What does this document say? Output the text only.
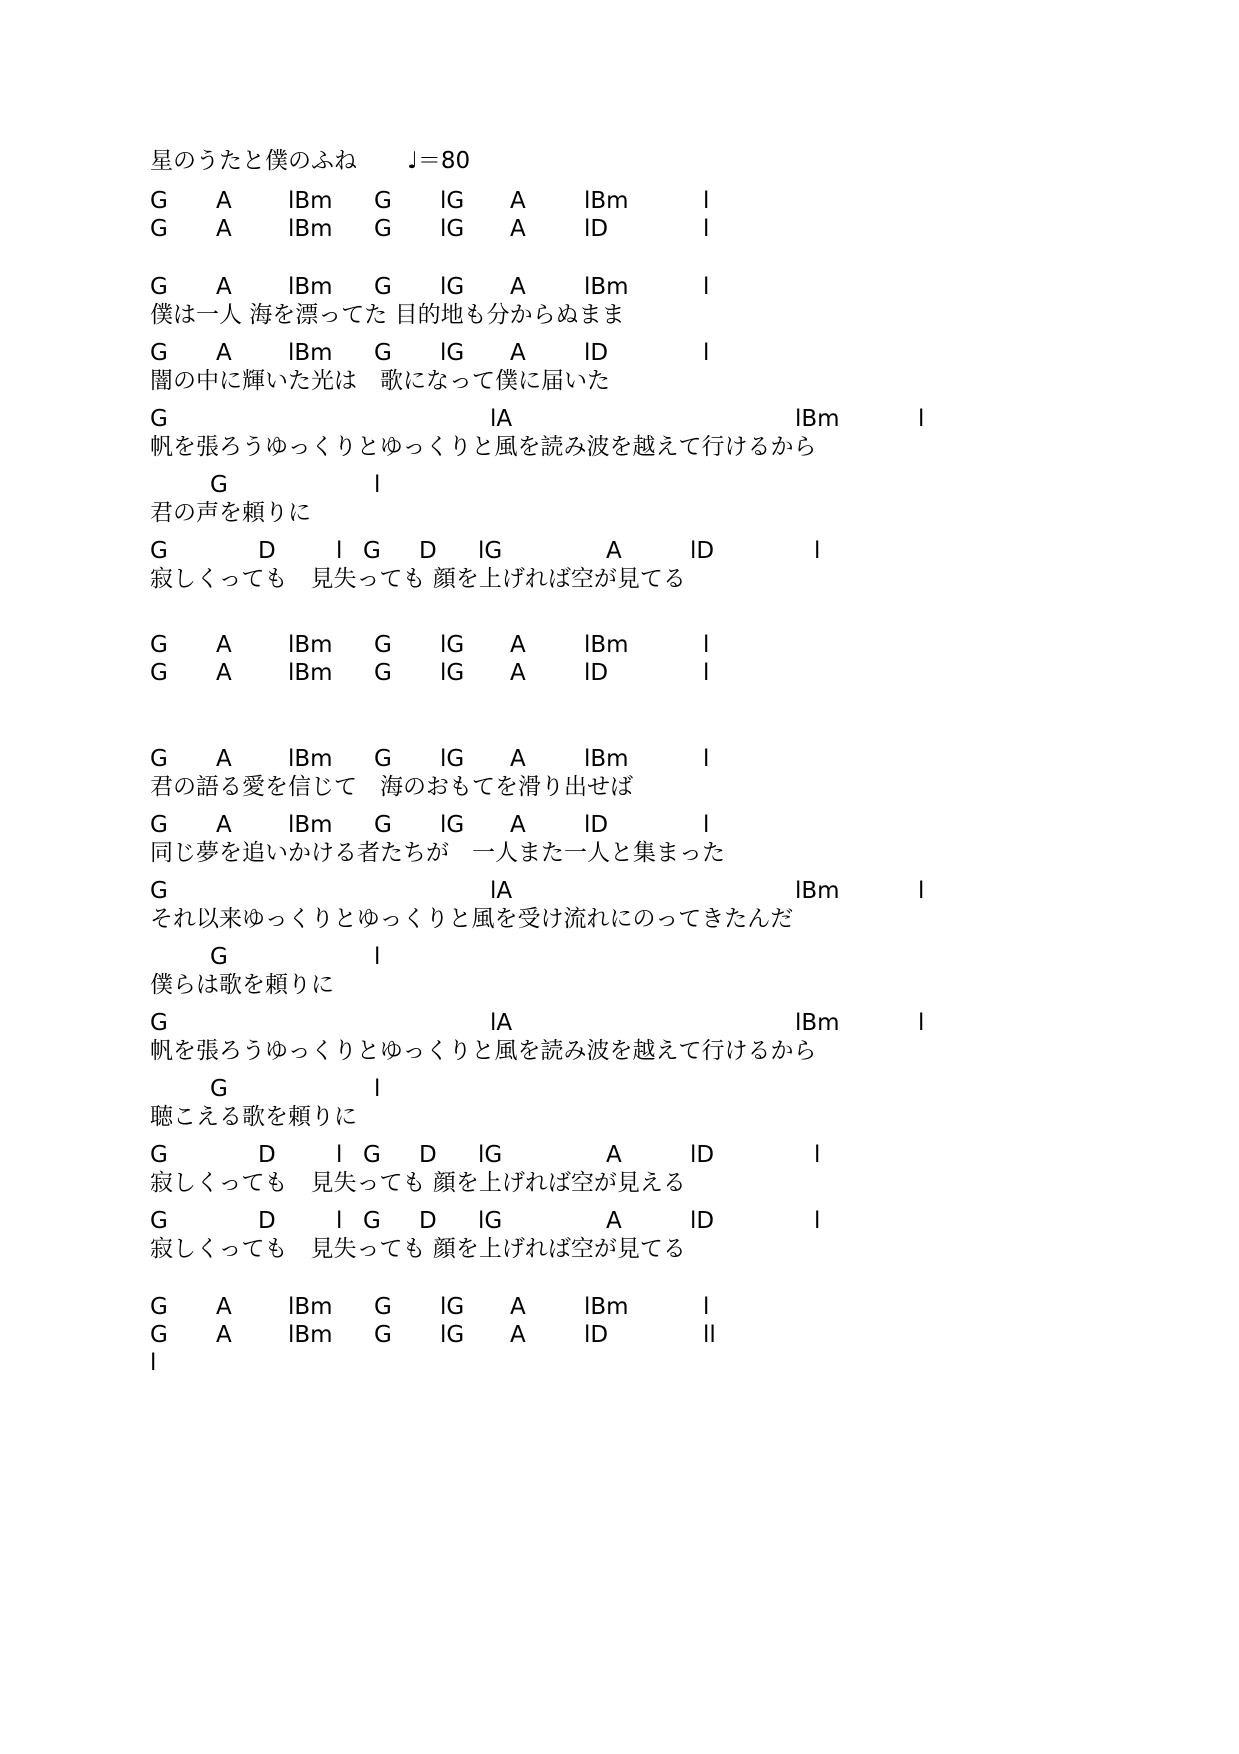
星のうたと僕のふね ♩＝80
G A lBm G lG A	lBm	l
G A lBm G lG A	lD	l
G A lBm G lG A	lBm	l
僕は一人 海を漂ってた 目的地も分からぬまま
G A lBm G lG A	lD	l
闇の中に輝いた光は　歌になって僕に届いた
G	lA	lBm	l
帆を張ろうゆっくりとゆっくりと風を読み波を越えて行けるから
G	l
君の声を頼りに
G	D	l G D lG	A	lD	l
寂しくっても　見失っても 顔を上げれば空が見てる
G A lBm G lG A	lBm	l
G A lBm G lG A	lD	l
G A lBm G lG A	lBm	l
君の語る愛を信じて　海のおもてを滑り出せば
G A lBm G lG A	lD	l
同じ夢を追いかける者たちが　一人また一人と集まった
G	lA	lBm	l
それ以来ゆっくりとゆっくりと風を受け流れにのってきたんだ
G	l
僕らは歌を頼りに
G	lA	lBm	l
帆を張ろうゆっくりとゆっくりと風を読み波を越えて行けるから
G	l
聴こえる歌を頼りに
G	D	l G D lG	A	lD	l
寂しくっても　見失っても 顔を上げれば空が見える
G	D	l G D lG	A	lD	l
寂しくっても　見失っても 顔を上げれば空が見てる
G A lBm G lG A	lBm	l
G A lBm G lG A	lD	ll
l
